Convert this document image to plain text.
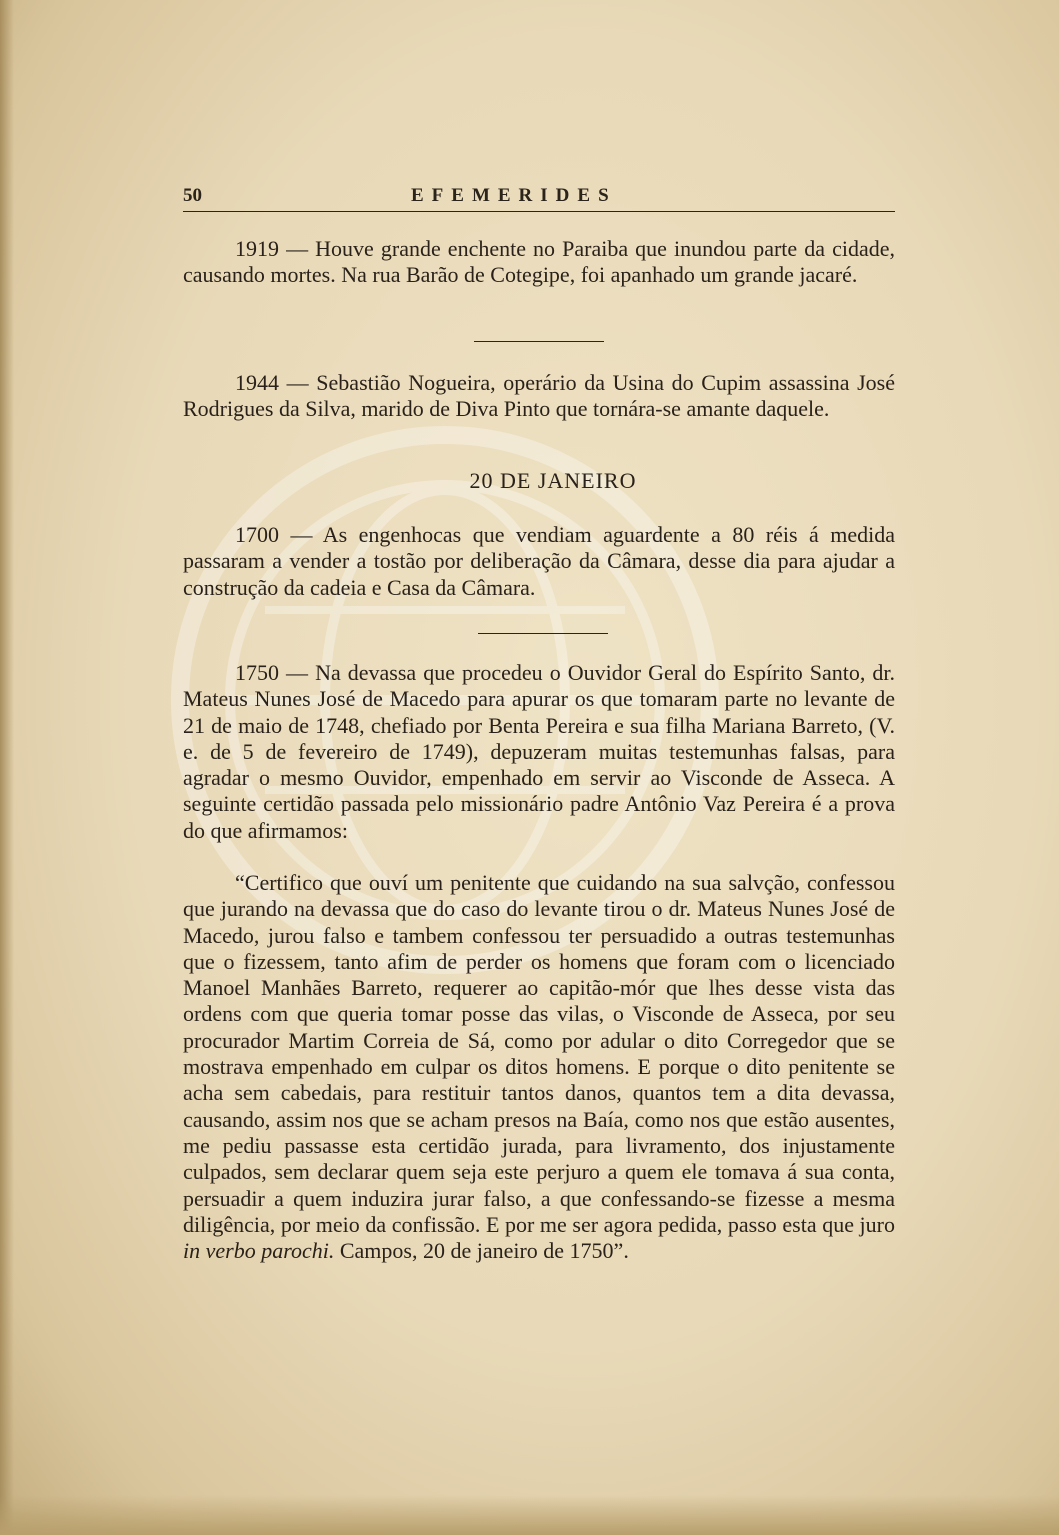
50	EFEMERIDES

1919 — Houve grande enchente no Paraiba que inundou parte da cidade, causando mortes. Na rua Barão de Cotegipe, foi apanhado um grande jacaré.

1944 — Sebastião Nogueira, operário da Usina do Cupim assassina José Rodrigues da Silva, marido de Diva Pinto que tornára-se amante daquele.

20 DE JANEIRO

1700 — As engenhocas que vendiam aguardente a 80 réis á medida passaram a vender a tostão por deliberação da Câmara, desse dia para ajudar a construção da cadeia e Casa da Câmara.

1750 — Na devassa que procedeu o Ouvidor Geral do Espírito Santo, dr. Mateus Nunes José de Macedo para apurar os que tomaram parte no levante de 21 de maio de 1748, chefiado por Benta Pereira e sua filha Mariana Barreto, (V. e. de 5 de fevereiro de 1749), depuzeram muitas testemunhas falsas, para agradar o mesmo Ouvidor, empenhado em servir ao Visconde de Asseca. A seguinte certidão passada pelo missionário padre Antônio Vaz Pereira é a prova do que afirmamos:

“Certifico que ouví um penitente que cuidando na sua salvção, confessou que jurando na devassa que do caso do levante tirou o dr. Mateus Nunes José de Macedo, jurou falso e tambem confessou ter persuadido a outras testemunhas que o fizessem, tanto afim de perder os homens que foram com o licenciado Manoel Manhães Barreto, requerer ao capitão-mór que lhes desse vista das ordens com que queria tomar posse das vilas, o Visconde de Asseca, por seu procurador Martim Correia de Sá, como por adular o dito Corregedor que se mostrava empenhado em culpar os ditos homens. E porque o dito penitente se acha sem cabedais, para restituir tantos danos, quantos tem a dita devassa, causando, assim nos que se acham presos na Baía, como nos que estão ausentes, me pediu passasse esta certidão jurada, para livramento, dos injustamente culpados, sem declarar quem seja este perjuro a quem ele tomava á sua conta, persuadir a quem induzira jurar falso, a que confessando-se fizesse a mesma diligência, por meio da confissão. E por me ser agora pedida, passo esta que juro in verbo parochi. Campos, 20 de janeiro de 1750”.
